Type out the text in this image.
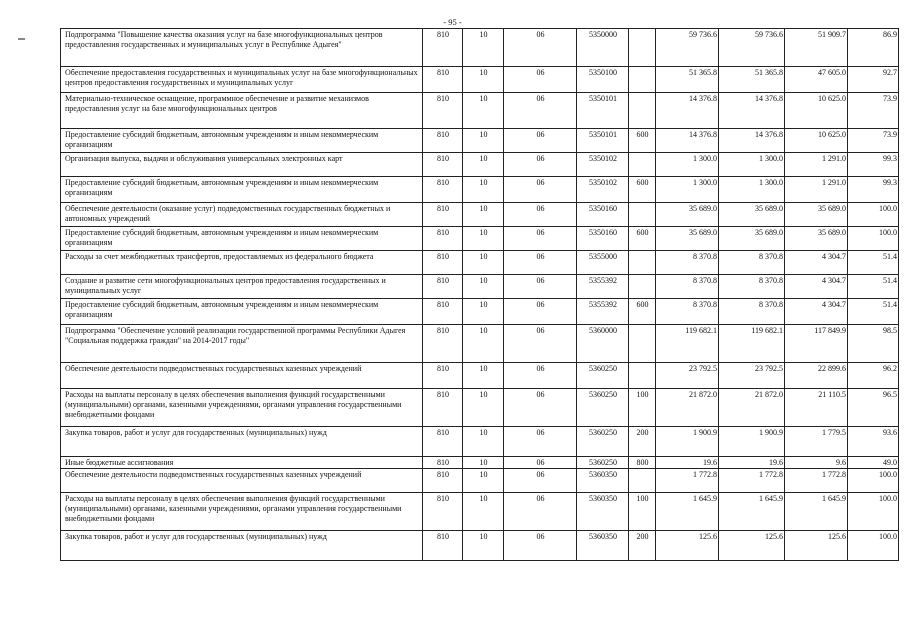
- 95 -
Подпрограмма "Повышение качества оказания услуг на базе многофункциональных центров предоставления государственных и муниципальных услуг в Республике Адыгея"	810	10	06	5350000		59 736.6	59 736.6	51 909.7	86.9
Обеспечение предоставления государственных и муниципальных услуг на базе многофункциональных центров предоставления государственных и муниципальных услуг	810	10	06	5350100		51 365.8	51 365.8	47 605.0	92.7
Материально-техническое оснащение, программное обеспечение и развитие механизмов предоставления услуг на базе многофункциональных центров	810	10	06	5350101		14 376.8	14 376.8	10 625.0	73.9
Предоставление субсидий бюджетным, автономным учреждениям и иным некоммерческим организациям	810	10	06	5350101	600	14 376.8	14 376.8	10 625.0	73.9
Организация выпуска, выдачи и обслуживания универсальных электронных карт	810	10	06	5350102		1 300.0	1 300.0	1 291.0	99.3
Предоставление субсидий бюджетным, автономным учреждениям и иным некоммерческим организациям	810	10	06	5350102	600	1 300.0	1 300.0	1 291.0	99.3
Обеспечение деятельности (оказание услуг) подведомственных государственных бюджетных и автономных учреждений	810	10	06	5350160		35 689.0	35 689.0	35 689.0	100.0
Предоставление субсидий бюджетным, автономным учреждениям и иным некоммерческим организациям	810	10	06	5350160	600	35 689.0	35 689.0	35 689.0	100.0
Расходы за счет межбюджетных трансфертов, предоставляемых из федерального бюджета	810	10	06	5355000		8 370.8	8 370.8	4 304.7	51.4
Создание и развитие сети многофункциональных центров предоставления государственных и муниципальных услуг	810	10	06	5355392		8 370.8	8 370.8	4 304.7	51.4
Предоставление субсидий бюджетным, автономным учреждениям и иным некоммерческим организациям	810	10	06	5355392	600	8 370.8	8 370.8	4 304.7	51.4
Подпрограмма "Обеспечение условий реализации государственной программы Республики Адыгея "Социальная поддержка граждан" на 2014-2017 годы"	810	10	06	5360000		119 682.1	119 682.1	117 849.9	98.5
Обеспечение деятельности подведомственных государственных казенных учреждений	810	10	06	5360250		23 792.5	23 792.5	22 899.6	96.2
Расходы на выплаты персоналу в целях обеспечения выполнения функций государственными (муниципальными) органами, казенными учреждениями, органами управления государственными внебюджетными фондами	810	10	06	5360250	100	21 872.0	21 872.0	21 110.5	96.5
Закупка товаров, работ и услуг для государственных (муниципальных) нужд	810	10	06	5360250	200	1 900.9	1 900.9	1 779.5	93.6
Иные бюджетные ассигнования	810	10	06	5360250	800	19.6	19.6	9.6	49.0
Обеспечение деятельности подведомственных государственных казенных учреждений	810	10	06	5360350		1 772.8	1 772.8	1 772.8	100.0
Расходы на выплаты персоналу в целях обеспечения выполнения функций государственными (муниципальными) органами, казенными учреждениями, органами управления государственными внебюджетными фондами	810	10	06	5360350	100	1 645.9	1 645.9	1 645.9	100.0
Закупка товаров, работ и услуг для государственных (муниципальных) нужд	810	10	06	5360350	200	125.6	125.6	125.6	100.0
